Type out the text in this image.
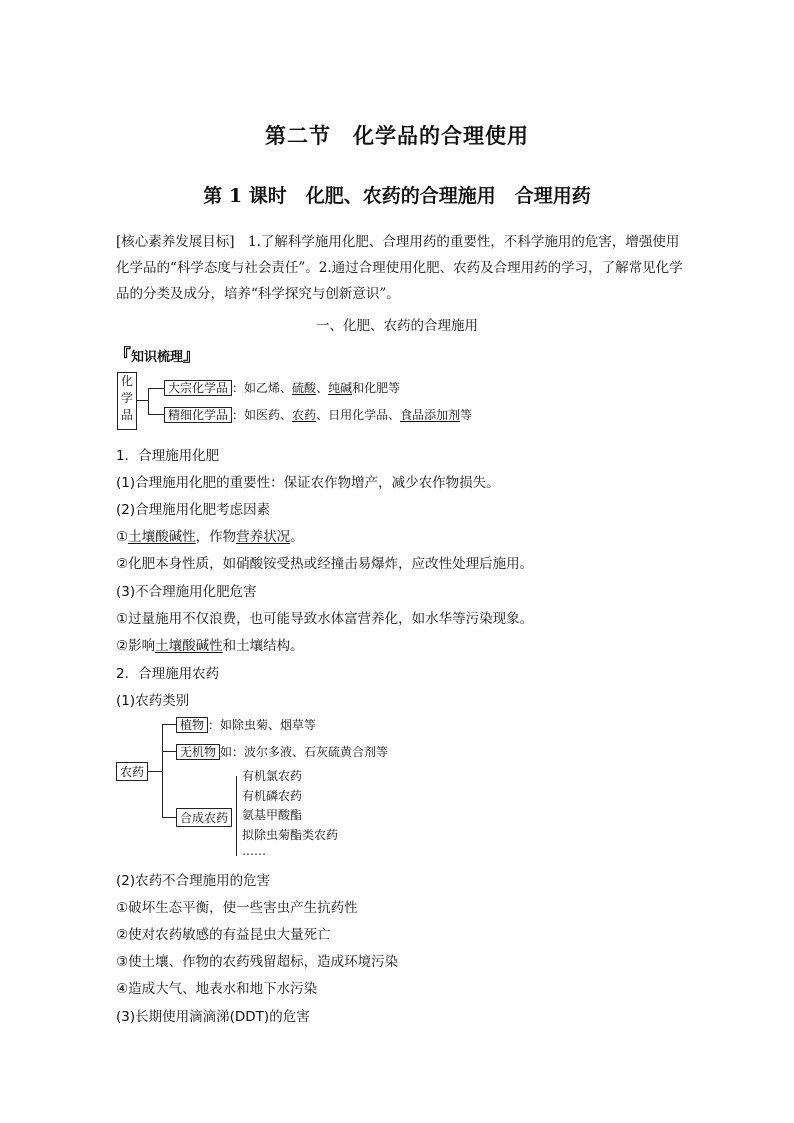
第二节　化学品的合理使用
第 1 课时　化肥、农药的合理施用　合理用药
[核心素养发展目标]　1.了解科学施用化肥、合理用药的重要性，不科学施用的危害，增强使用化学品的“科学态度与社会责任”。2.通过合理使用化肥、农药及合理用药的学习，了解常见化学品的分类及成分，培养“科学探究与创新意识”。
一、化肥、农药的合理施用
『知识梳理』
化
学
品
大宗化学品 ：如乙烯、硫酸、纯碱和化肥等
精细化学品 ：如医药、农药、日用化学品、食品添加剂等
1．合理施用化肥
(1)合理施用化肥的重要性：保证农作物增产，减少农作物损失。
(2)合理施用化肥考虑因素
①土壤酸碱性，作物营养状况。
②化肥本身性质，如硝酸铵受热或经撞击易爆炸，应改性处理后施用。
(3)不合理施用化肥危害
①过量施用不仅浪费，也可能导致水体富营养化，如水华等污染现象。
②影响土壤酸碱性和土壤结构。
2．合理施用农药
(1)农药类别
农药
植物 ：如除虫菊、烟草等
无机物 如：波尔多液、石灰硫黄合剂等
合成农药
有机氯农药
有机磷农药
氨基甲酸酯
拟除虫菊酯类农药
……
(2)农药不合理施用的危害
①破坏生态平衡，使一些害虫产生抗药性
②使对农药敏感的有益昆虫大量死亡
③使土壤、作物的农药残留超标，造成环境污染
④造成大气、地表水和地下水污染
(3)长期使用滴滴涕(DDT)的危害
